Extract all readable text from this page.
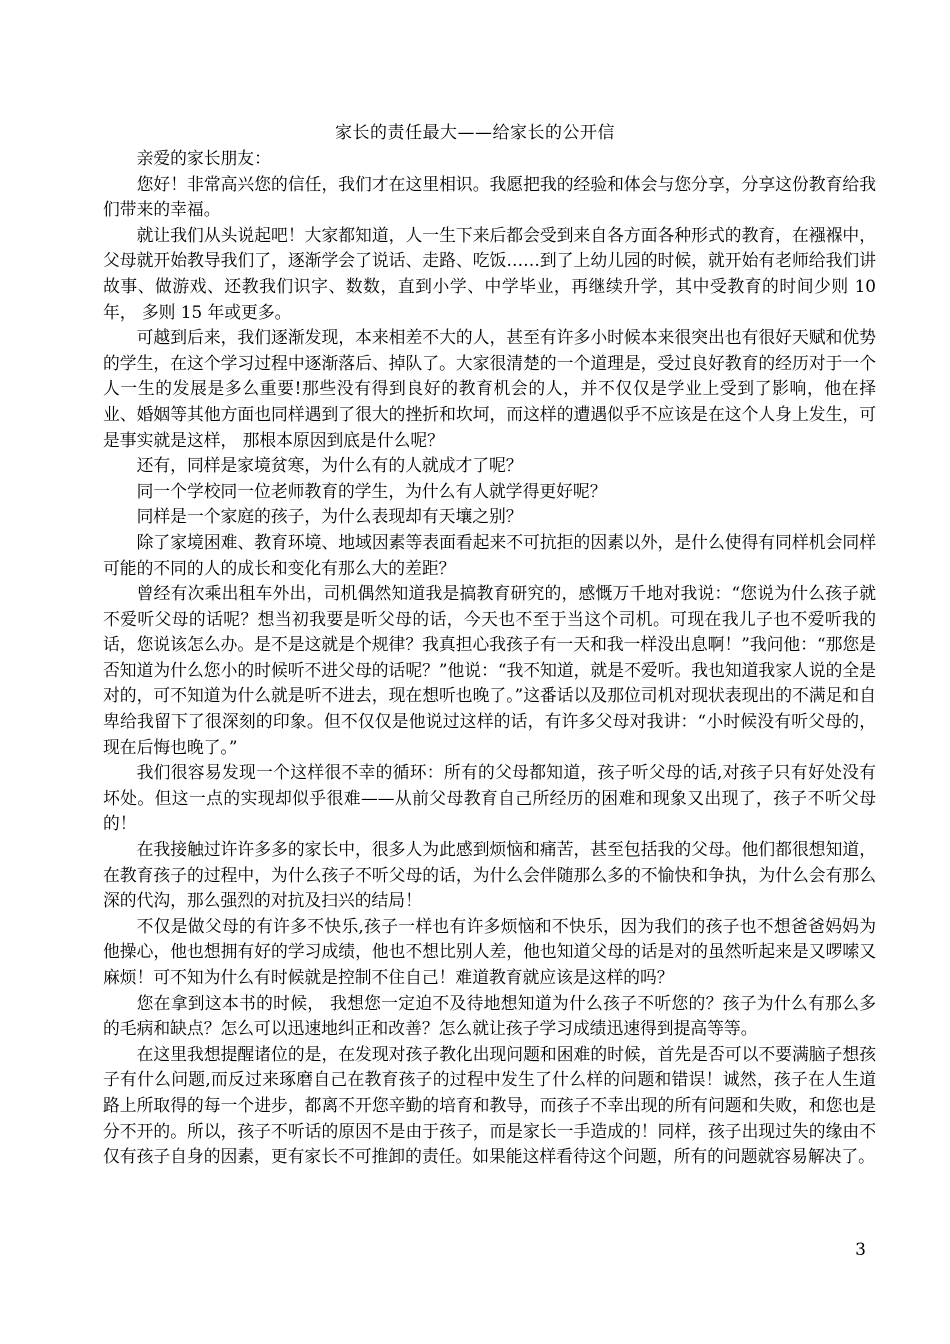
家长的责任最大——给家长的公开信

亲爱的家长朋友：

您好！非常高兴您的信任，我们才在这里相识。我愿把我的经验和体会与您分享，分享这份教育给我们带来的幸福。

就让我们从头说起吧！大家都知道，人一生下来后都会受到来自各方面各种形式的教育，在襁褓中，父母就开始教导我们了，逐渐学会了说话、走路、吃饭……到了上幼儿园的时候，就开始有老师给我们讲故事、做游戏、还教我们识字、数数，直到小学、中学毕业，再继续升学，其中受教育的时间少则 10 年， 多则 15 年或更多。

可越到后来，我们逐渐发现，本来相差不大的人，甚至有许多小时候本来很突出也有很好天赋和优势的学生，在这个学习过程中逐渐落后、掉队了。大家很清楚的一个道理是，受过良好教育的经历对于一个人一生的发展是多么重要!那些没有得到良好的教育机会的人，并不仅仅是学业上受到了影响，他在择业、婚姻等其他方面也同样遇到了很大的挫折和坎坷，而这样的遭遇似乎不应该是在这个人身上发生，可是事实就是这样， 那根本原因到底是什么呢？

还有，同样是家境贫寒，为什么有的人就成才了呢？

同一个学校同一位老师教育的学生，为什么有人就学得更好呢？

同样是一个家庭的孩子，为什么表现却有天壤之别？

除了家境困难、教育环境、地域因素等表面看起来不可抗拒的因素以外，是什么使得有同样机会同样可能的不同的人的成长和变化有那么大的差距？

曾经有次乘出租车外出，司机偶然知道我是搞教育研究的，感慨万千地对我说：“您说为什么孩子就不爱听父母的话呢？想当初我要是听父母的话，今天也不至于当这个司机。可现在我儿子也不爱听我的话，您说该怎么办。是不是这就是个规律？我真担心我孩子有一天和我一样没出息啊！”我问他：“那您是否知道为什么您小的时候听不进父母的话呢？”他说：“我不知道，就是不爱听。我也知道我家人说的全是对的，可不知道为什么就是听不进去，现在想听也晚了。”这番话以及那位司机对现状表现出的不满足和自卑给我留下了很深刻的印象。但不仅仅是他说过这样的话，有许多父母对我讲：“小时候没有听父母的，现在后悔也晚了。”

我们很容易发现一个这样很不幸的循环：所有的父母都知道，孩子听父母的话,对孩子只有好处没有坏处。但这一点的实现却似乎很难——从前父母教育自己所经历的困难和现象又出现了，孩子不听父母的！

在我接触过许许多多的家长中，很多人为此感到烦恼和痛苦，甚至包括我的父母。他们都很想知道，在教育孩子的过程中，为什么孩子不听父母的话，为什么会伴随那么多的不愉快和争执，为什么会有那么深的代沟，那么强烈的对抗及扫兴的结局！

不仅是做父母的有许多不快乐,孩子一样也有许多烦恼和不快乐，因为我们的孩子也不想爸爸妈妈为他操心，他也想拥有好的学习成绩，他也不想比别人差，他也知道父母的话是对的虽然听起来是又啰嗦又麻烦！可不知为什么有时候就是控制不住自己！难道教育就应该是这样的吗？

您在拿到这本书的时候， 我想您一定迫不及待地想知道为什么孩子不听您的？孩子为什么有那么多的毛病和缺点？怎么可以迅速地纠正和改善？怎么就让孩子学习成绩迅速得到提高等等。

在这里我想提醒诸位的是，在发现对孩子教化出现问题和困难的时候，首先是否可以不要满脑子想孩子有什么问题,而反过来琢磨自己在教育孩子的过程中发生了什么样的问题和错误！诚然，孩子在人生道路上所取得的每一个进步，都离不开您辛勤的培育和教导，而孩子不幸出现的所有问题和失败，和您也是分不开的。所以，孩子不听话的原因不是由于孩子，而是家长一手造成的！同样，孩子出现过失的缘由不仅有孩子自身的因素，更有家长不可推卸的责任。如果能这样看待这个问题，所有的问题就容易解决了。

3
